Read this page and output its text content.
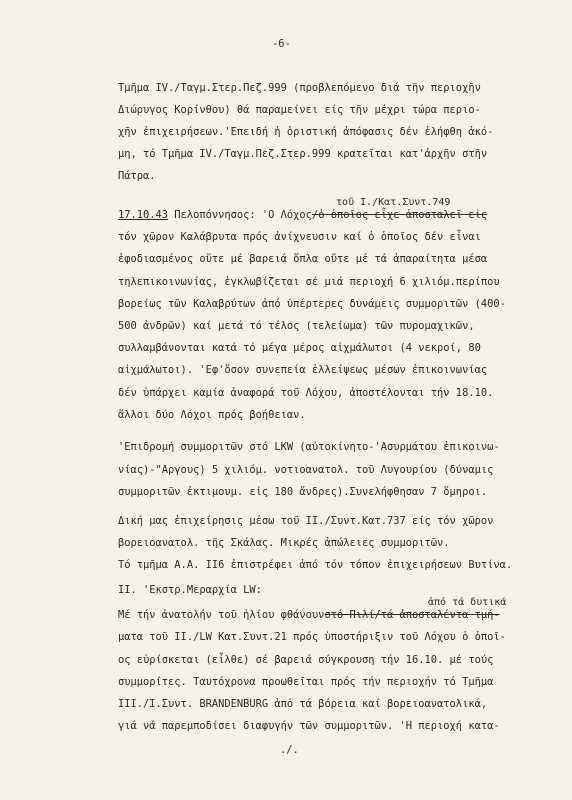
-6-
Τμῆμα IV./Ταγμ.Στερ.Πεζ.999 (προβλεπόμενο διά τῆν περιοχῆν
Διώρυγος Κορίνθου) θά παραμείνει είς τῆν μέχρι τώρα περιο-
χῆν ἐπιχειρήσεων.'Επειδή ἡ ὁριστική ἀπόφασις δέν ἐλήφθη ἀκό-
μη, τό Τμῆμα IV./Ταγμ.Πεζ.Στερ.999 κρατεῖται κατ'ἀρχῆν στῆν
Πάτρα.
τοῦ I./Κατ.Συντ.749
17.10.43 Πελοπόννησος: 'Ο Λόχος/ὁ ὁποῖος εἶχε ἀποσταλεῖ εἰς
τόν χῶρον Καλάβρυτα πρός ἀνίχνευσιν καί ὁ ὁποῖος δέν εἶναι
ἐφοδιασμένος οὔτε μέ βαρειά ὅπλα οὔτε μέ τά ἀπαραίτητα μέσα
τηλεπικοινωνίας, ἐγκλωβίζεται σέ μιά περιοχή 6 χιλιόμ.περίπου
βορείως τῶν Καλαβρύτων ἀπό ὑπέρτερες δυνάμεις συμμοριτῶν (400-
500 ἀνδρῶν) καί μετά τό τέλος (τελείωμα) τῶν πυρομαχικῶν,
συλλαμβάνονται κατά τό μέγα μέρος αἰχμάλωτοι (4 νεκροί, 80
αἰχμάλωτοι). 'Εφ'ὅσον συνεπεία ἐλλείψεως μέσων ἐπικοινωνίας
δέν ὑπάρχει καμία ἀναφορά τοῦ Λόχου, ἀποστέλονται τήν 18.10.
ἄλλοι δύο Λόχοι πρός βοήθειαν.
'Επιδρομή συμμοριτῶν στό LKW (αὐτοκίνητο-'Ασυρμάτου ἐπικοινω-
νίας)-"Αργους) 5 χιλιόμ. νοτιοανατολ. τοῦ Λυγουρίου (δύναμις
συμμοριτῶν ἐκτιμουμ. εἰς 180 ἄνδρες).Συνελήφθησαν 7 ὅμηροι.
Δική μας ἐπιχείρησις μέσω τοῦ II./Συντ.Κατ.737 είς τόν χῶρον
βορειοανατολ. τῆς Σκάλας. Μικρές ἀπώλειες συμμοριτῶν.
Τό τμῆμα Α.Α. ΙΙ6 ἐπιστρέφει ἀπό τόν τόπον ἐπιχειρήσεων Βυτίνα.
II. 'Εκστρ.Μεραρχία LW:
ἀπό τά δυτικά
Μέ τήν ἀνατολήν τοῦ ἡλίου φθάνουνστό Πιλί/τά ἀποσταλέντα τμή-
ματα τοῦ II./LW Κατ.Συντ.21 πρός ὑποστήριξιν τοῦ Λόχου ὁ ὁποῖ-
ος εὑρίσκεται (εἶλθε) σέ βαρειά σύγκρουση τήν 16.10. μέ τούς
συμμορίτες. Ταυτόχρονα προωθεῖται πρός τήν περιοχήν τό Τμῆμα
III./I.Συντ. BRANDENBURG ἀπό τά βόρεια καί βορειοανατολικά,
γιά νά παρεμποδίσει διαφυγήν τῶν συμμοριτῶν. 'Η περιοχή κατα-
./.
